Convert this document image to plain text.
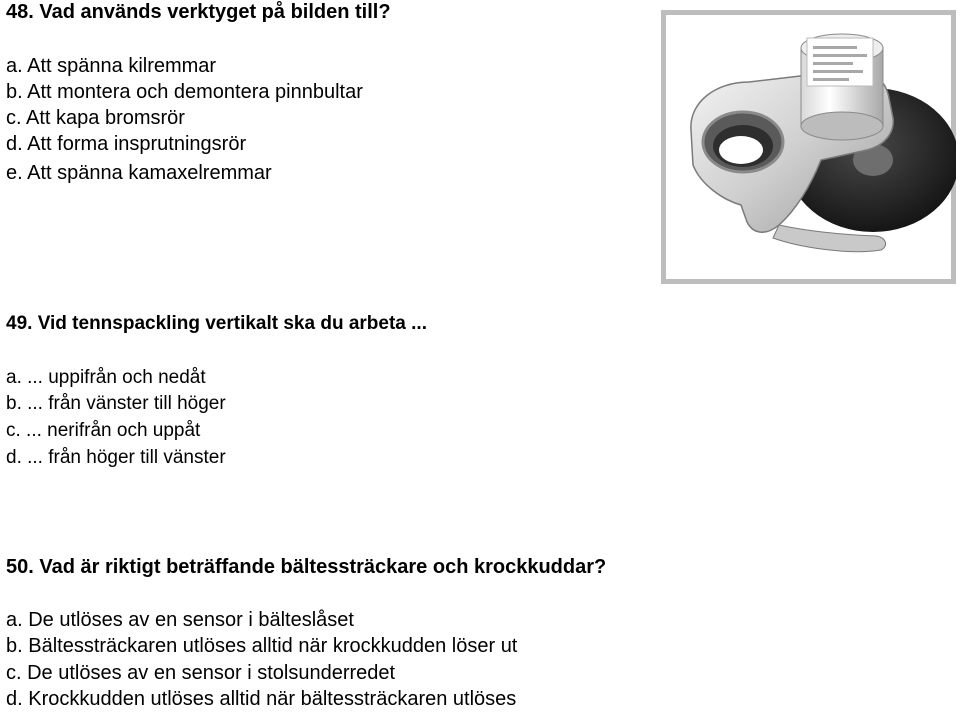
48. Vad används verktyget på bilden till?

a. Att spänna kilremmar

b. Att montera och demontera pinnbultar

c. Att kapa bromsrör

d. Att forma insprutningsrör

e. Att spänna kamaxelremmar

49. Vid tennspackling vertikalt ska du arbeta ...

a. ... uppifrån och nedåt

b. ... från vänster till höger

c. ... nerifrån och uppåt

d. ... från höger till vänster

50. Vad är riktigt beträffande bältessträckare och krockkuddar?

a. De utlöses av en sensor i bälteslåset

b. Bältessträckaren utlöses alltid när krockkudden löser ut

c. De utlöses av en sensor i stolsunderredet

d. Krockkudden utlöses alltid när bältessträckaren utlöses
